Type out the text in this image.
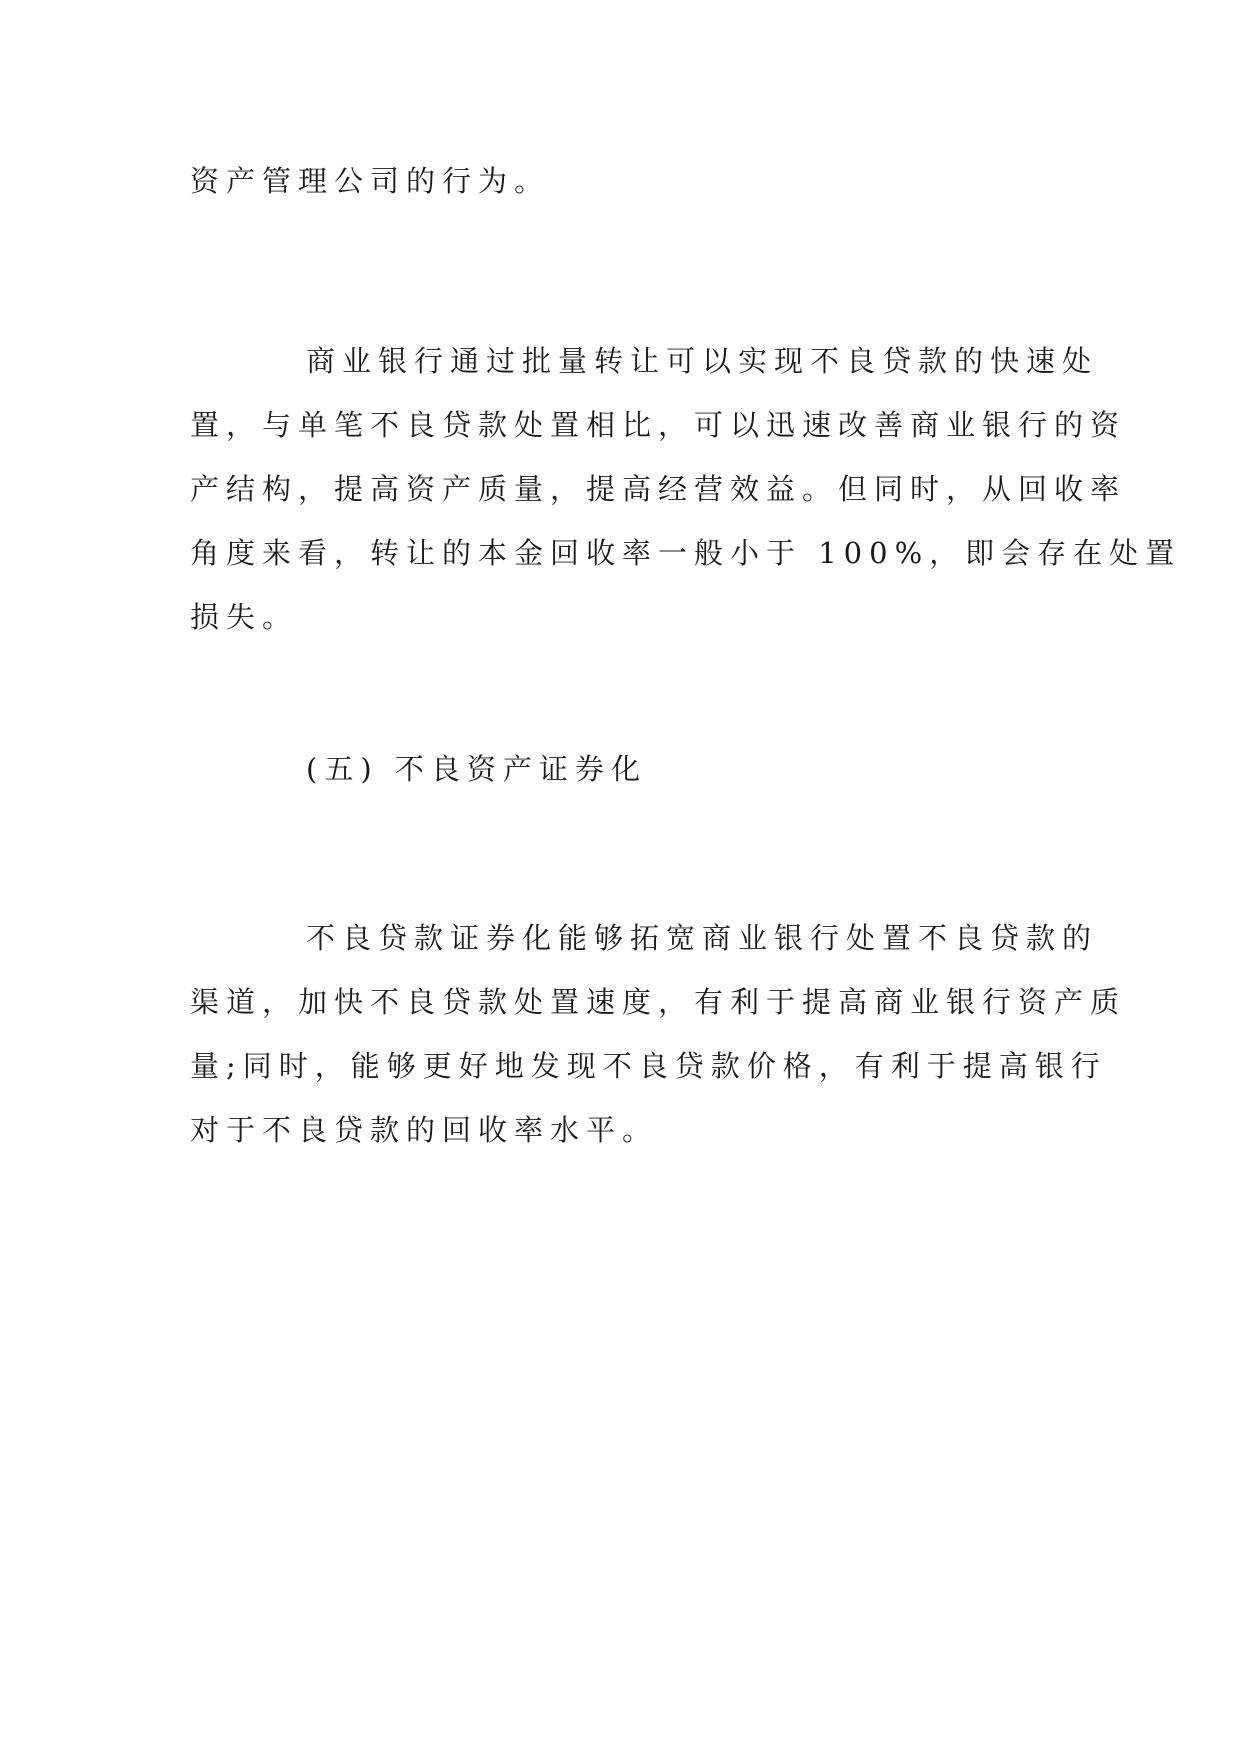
资产管理公司的行为。

商业银行通过批量转让可以实现不良贷款的快速处
置，与单笔不良贷款处置相比，可以迅速改善商业银行的资
产结构，提高资产质量，提高经营效益。但同时，从回收率
角度来看，转让的本金回收率一般小于 100%，即会存在处置
损失。

(五) 不良资产证券化

不良贷款证券化能够拓宽商业银行处置不良贷款的
渠道，加快不良贷款处置速度，有利于提高商业银行资产质
量;同时，能够更好地发现不良贷款价格，有利于提高银行
对于不良贷款的回收率水平。
